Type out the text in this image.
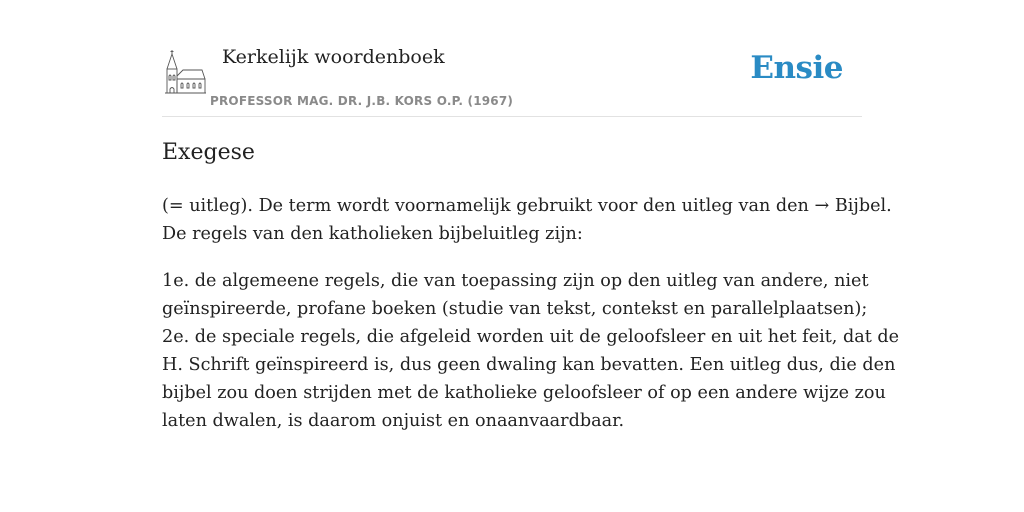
Kerkelijk woordenboek
PROFESSOR MAG. DR. J.B. KORS O.P. (1967)
Ensie
Exegese
(= uitleg). De term wordt voornamelijk gebruikt voor den uitleg van den → Bijbel.
De regels van den katholieken bijbeluitleg zijn:
1e. de algemeene regels, die van toepassing zijn op den uitleg van andere, niet
geïnspireerde, profane boeken (studie van tekst, contekst en parallelplaatsen);
2e. de speciale regels, die afgeleid worden uit de geloofsleer en uit het feit, dat de
H. Schrift geïnspireerd is, dus geen dwaling kan bevatten. Een uitleg dus, die den
bijbel zou doen strijden met de katholieke geloofsleer of op een andere wijze zou
laten dwalen, is daarom onjuist en onaanvaardbaar.
